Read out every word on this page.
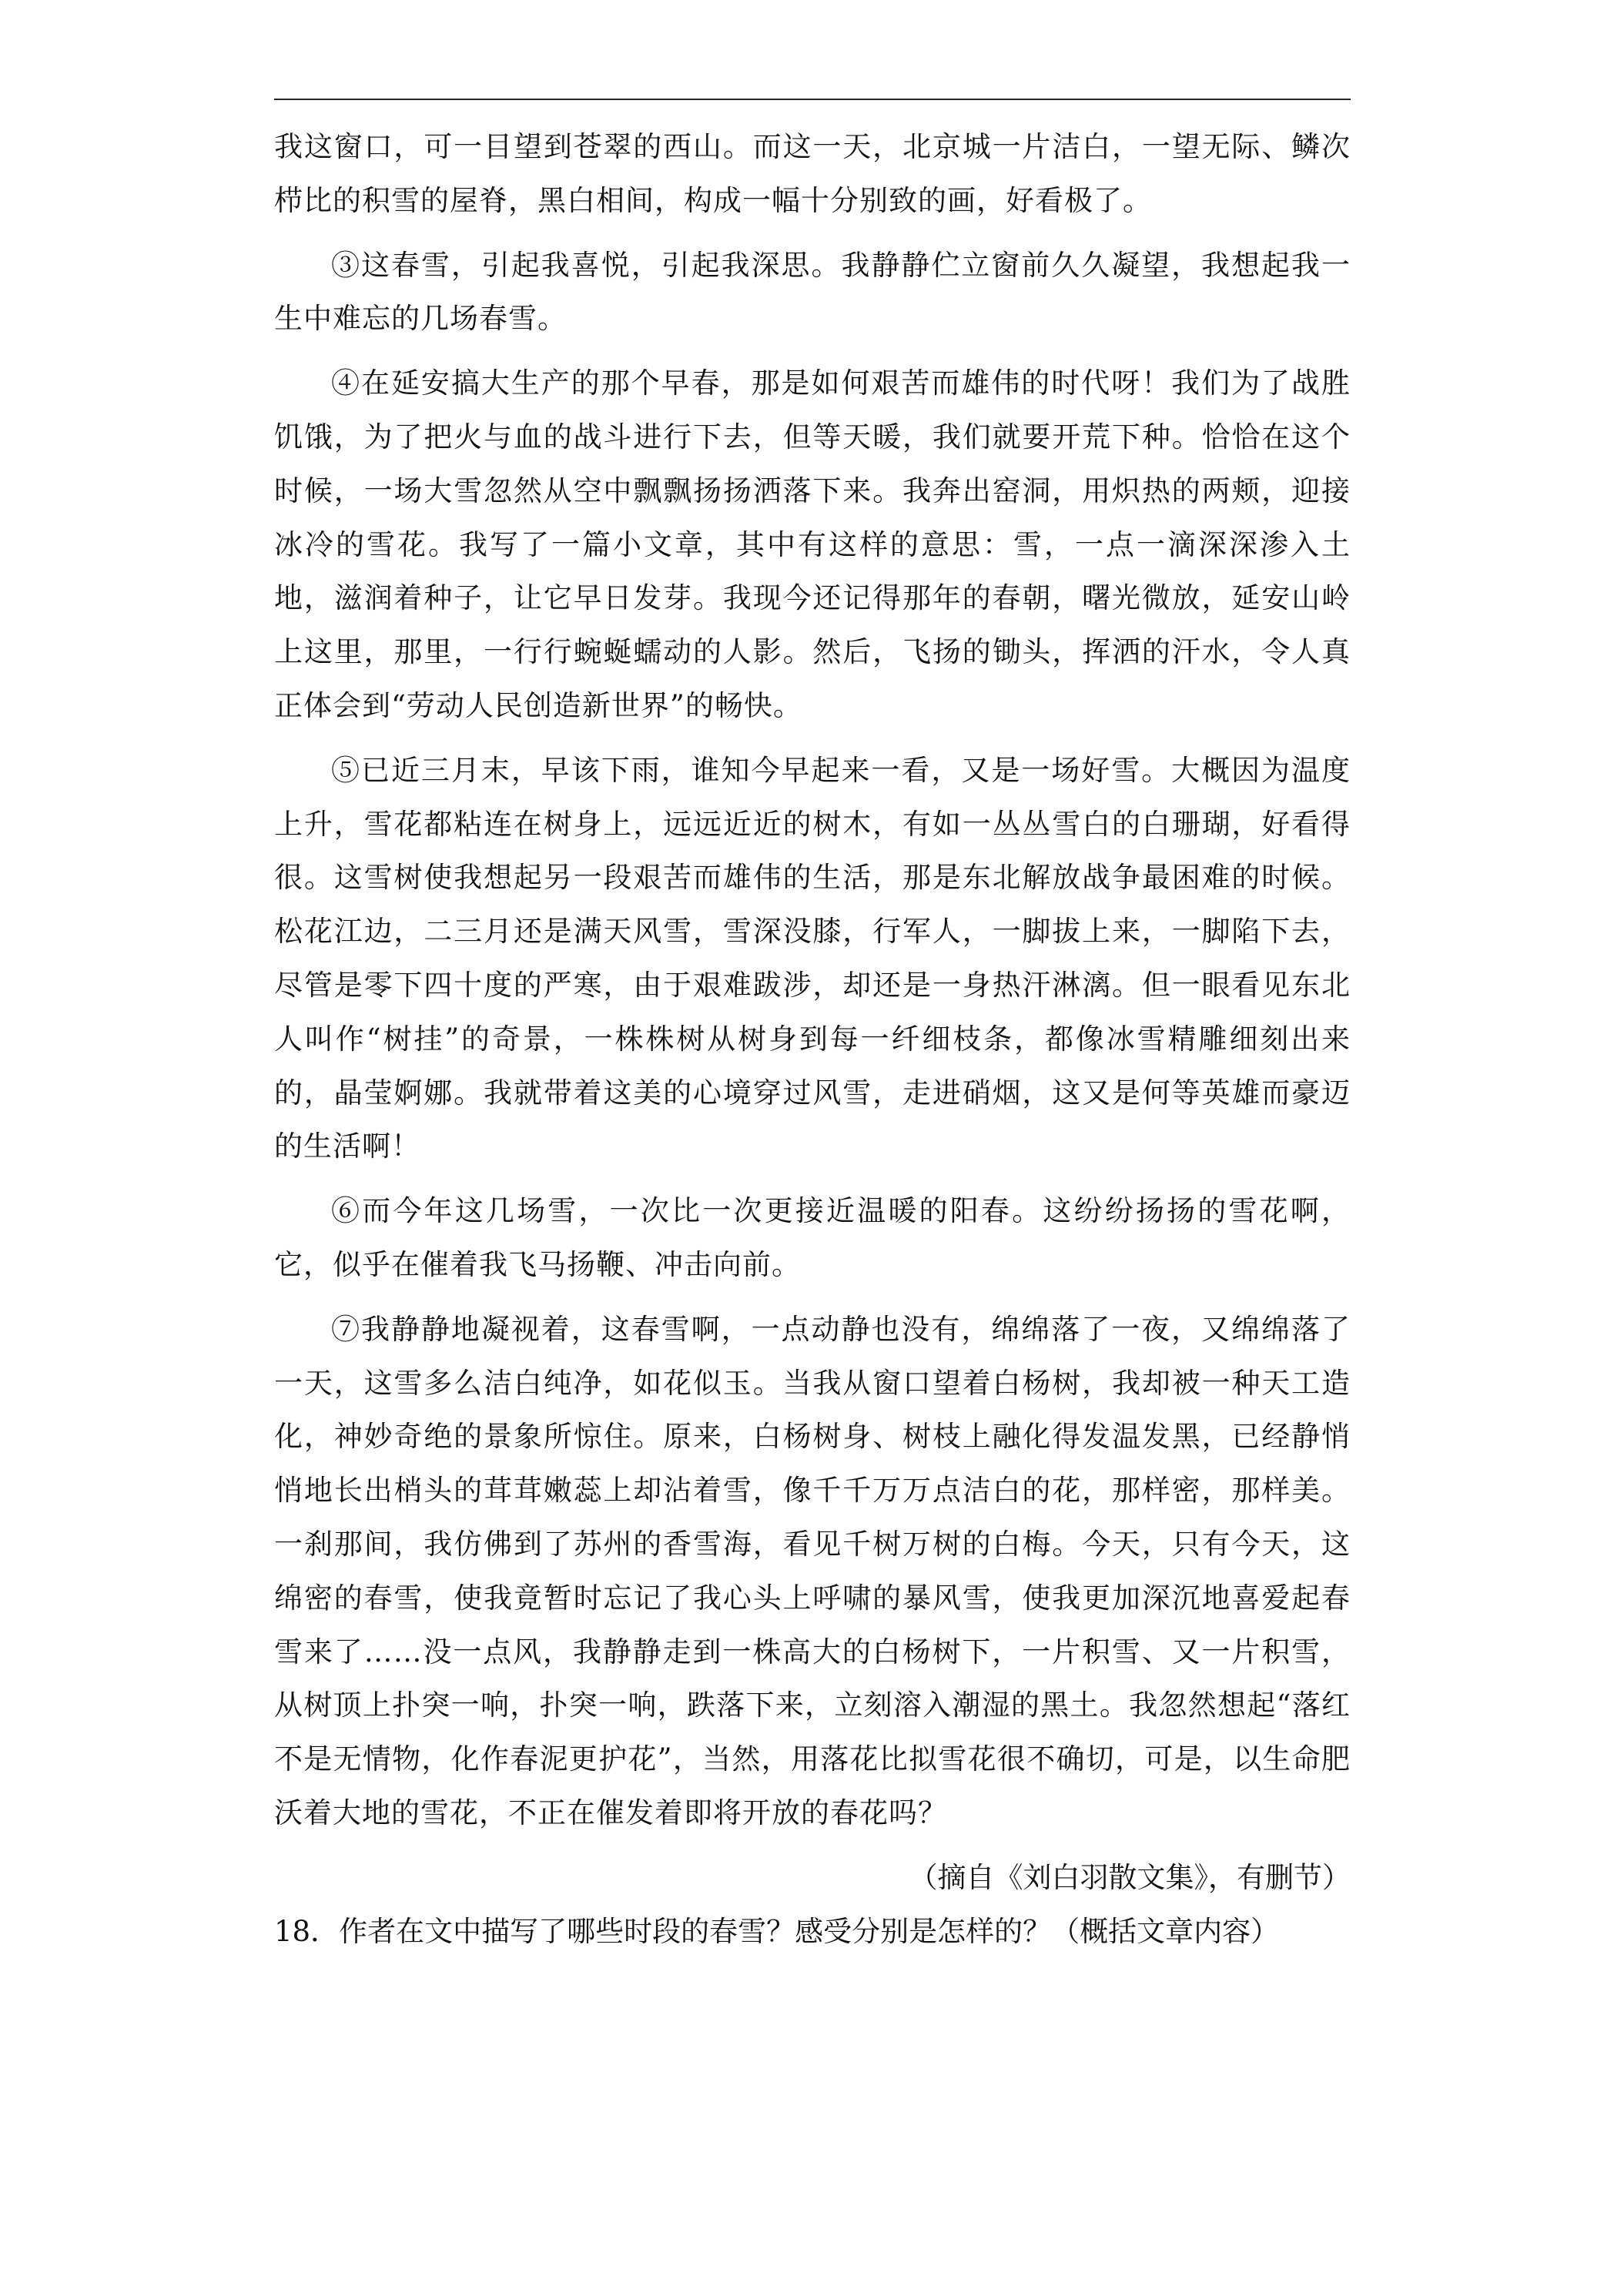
我这窗口，可一目望到苍翠的西山。而这一天，北京城一片洁白，一望无际、鳞次栉比的积雪的屋脊，黑白相间，构成一幅十分别致的画，好看极了。

③这春雪，引起我喜悦，引起我深思。我静静伫立窗前久久凝望，我想起我一生中难忘的几场春雪。

④在延安搞大生产的那个早春，那是如何艰苦而雄伟的时代呀！我们为了战胜饥饿，为了把火与血的战斗进行下去，但等天暖，我们就要开荒下种。恰恰在这个时候，一场大雪忽然从空中飘飘扬扬洒落下来。我奔出窑洞，用炽热的两颊，迎接冰冷的雪花。我写了一篇小文章，其中有这样的意思：雪，一点一滴深深渗入土地，滋润着种子，让它早日发芽。我现今还记得那年的春朝，曙光微放，延安山岭上这里，那里，一行行蜿蜒蠕动的人影。然后，飞扬的锄头，挥洒的汗水，令人真正体会到“劳动人民创造新世界”的畅快。

⑤已近三月末，早该下雨，谁知今早起来一看，又是一场好雪。大概因为温度上升，雪花都粘连在树身上，远远近近的树木，有如一丛丛雪白的白珊瑚，好看得很。这雪树使我想起另一段艰苦而雄伟的生活，那是东北解放战争最困难的时候。松花江边，二三月还是满天风雪，雪深没膝，行军人，一脚拔上来，一脚陷下去，尽管是零下四十度的严寒，由于艰难跋涉，却还是一身热汗淋漓。但一眼看见东北人叫作“树挂”的奇景，一株株树从树身到每一纤细枝条，都像冰雪精雕细刻出来的，晶莹婀娜。我就带着这美的心境穿过风雪，走进硝烟，这又是何等英雄而豪迈的生活啊！

⑥而今年这几场雪，一次比一次更接近温暖的阳春。这纷纷扬扬的雪花啊，它，似乎在催着我飞马扬鞭、冲击向前。

⑦我静静地凝视着，这春雪啊，一点动静也没有，绵绵落了一夜，又绵绵落了一天，这雪多么洁白纯净，如花似玉。当我从窗口望着白杨树，我却被一种天工造化，神妙奇绝的景象所惊住。原来，白杨树身、树枝上融化得发温发黑，已经静悄悄地长出梢头的茸茸嫩蕊上却沾着雪，像千千万万点洁白的花，那样密，那样美。一刹那间，我仿佛到了苏州的香雪海，看见千树万树的白梅。今天，只有今天，这绵密的春雪，使我竟暂时忘记了我心头上呼啸的暴风雪，使我更加深沉地喜爱起春雪来了……没一点风，我静静走到一株高大的白杨树下，一片积雪、又一片积雪，从树顶上扑突一响，扑突一响，跌落下来，立刻溶入潮湿的黑土。我忽然想起“落红不是无情物，化作春泥更护花”，当然，用落花比拟雪花很不确切，可是，以生命肥沃着大地的雪花，不正在催发着即将开放的春花吗？

（摘自《刘白羽散文集》，有删节）

18．作者在文中描写了哪些时段的春雪？感受分别是怎样的？（概括文章内容）
